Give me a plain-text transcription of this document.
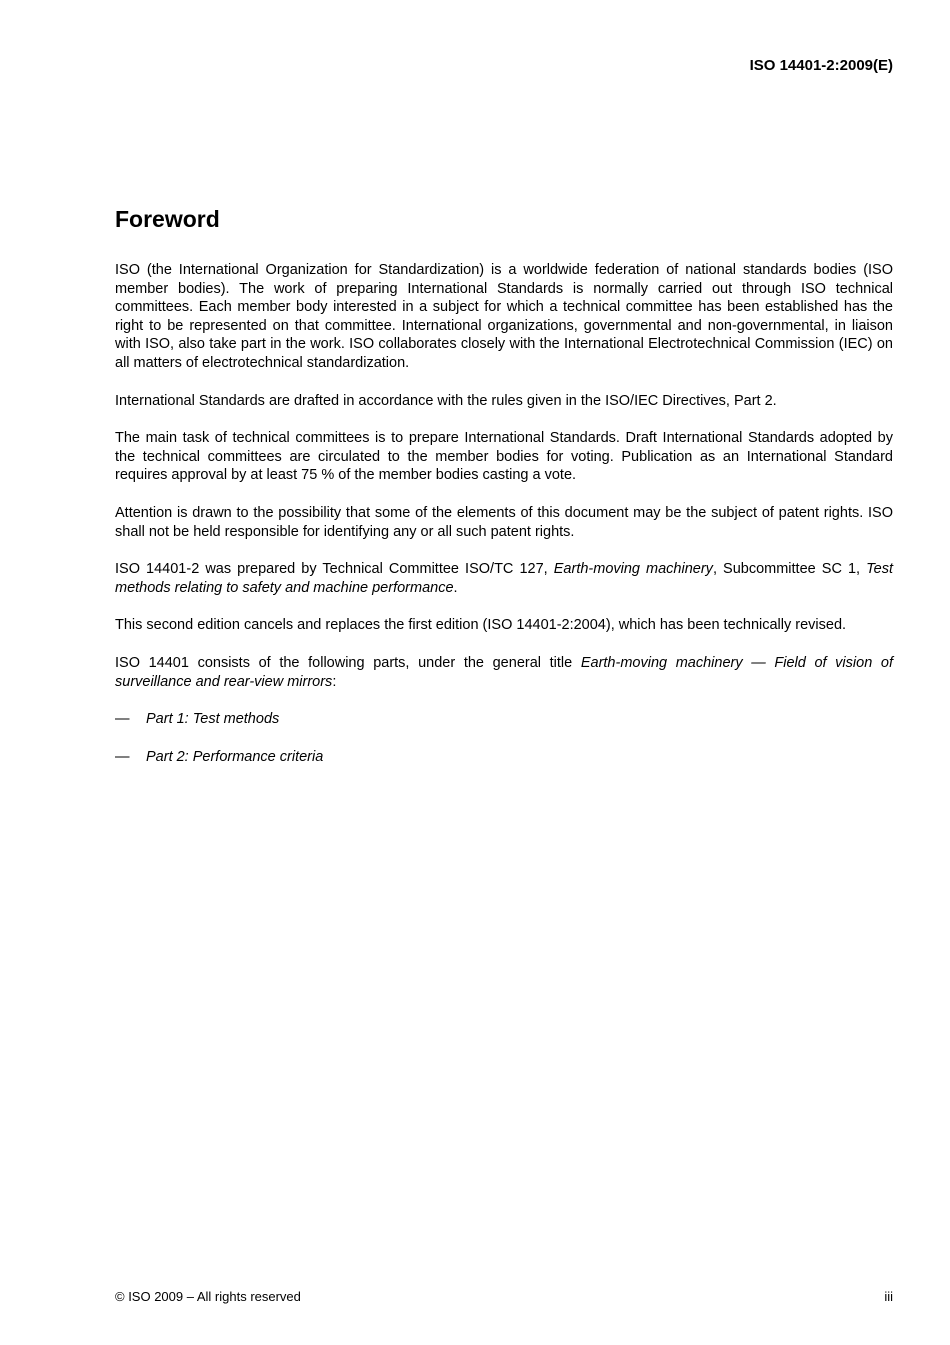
ISO 14401-2:2009(E)
Foreword

ISO (the International Organization for Standardization) is a worldwide federation of national standards bodies (ISO member bodies). The work of preparing International Standards is normally carried out through ISO technical committees. Each member body interested in a subject for which a technical committee has been established has the right to be represented on that committee. International organizations, governmental and non-governmental, in liaison with ISO, also take part in the work. ISO collaborates closely with the International Electrotechnical Commission (IEC) on all matters of electrotechnical standardization.

International Standards are drafted in accordance with the rules given in the ISO/IEC Directives, Part 2.

The main task of technical committees is to prepare International Standards. Draft International Standards adopted by the technical committees are circulated to the member bodies for voting. Publication as an International Standard requires approval by at least 75 % of the member bodies casting a vote.

Attention is drawn to the possibility that some of the elements of this document may be the subject of patent rights. ISO shall not be held responsible for identifying any or all such patent rights.

ISO 14401-2 was prepared by Technical Committee ISO/TC 127, Earth-moving machinery, Subcommittee SC 1, Test methods relating to safety and machine performance.

This second edition cancels and replaces the first edition (ISO 14401-2:2004), which has been technically revised.

ISO 14401 consists of the following parts, under the general title Earth-moving machinery — Field of vision of surveillance and rear-view mirrors:

—	Part 1: Test methods
—	Part 2: Performance criteria
© ISO 2009 – All rights reserved	iii
